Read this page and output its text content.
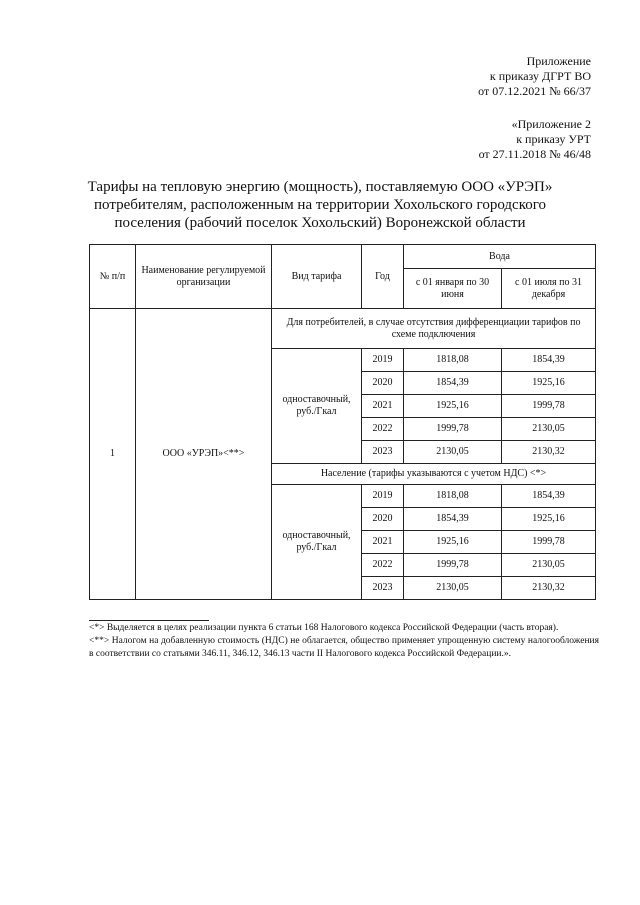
Приложение
к приказу ДГРТ ВО
от 07.12.2021 № 66/37
«Приложение 2
к приказу УРТ
от 27.11.2018 № 46/48
Тарифы на тепловую энергию (мощность), поставляемую ООО «УРЭП»
потребителям, расположенным на территории Хохольского городского
поселения (рабочий поселок Хохольский) Воронежской области
№ п/п	Наименование регулируемой организации	Вид тарифа	Год	Вода	
				с 01 января по 30 июня	с 01 июля по 31 декабря
1	ООО «УРЭП»<**>	Для потребителей, в случае отсутствия дифференциации тарифов по схеме подключения			
		одноставочный, руб./Гкал	2019	1818,08	1854,39
			2020	1854,39	1925,16
			2021	1925,16	1999,78
			2022	1999,78	2130,05
			2023	2130,05	2130,32
		Население (тарифы указываются с учетом НДС) <*>			
		одноставочный, руб./Гкал	2019	1818,08	1854,39
			2020	1854,39	1925,16
			2021	1925,16	1999,78
			2022	1999,78	2130,05
			2023	2130,05	2130,32

<*> Выделяется в целях реализации пункта 6 статьи 168 Налогового кодекса Российской Федерации (часть вторая).

<**> Налогом на добавленную стоимость (НДС) не облагается, общество применяет упрощенную систему налогообложения в соответствии со статьями 346.11, 346.12, 346.13 части II Налогового кодекса Российской Федерации.».
